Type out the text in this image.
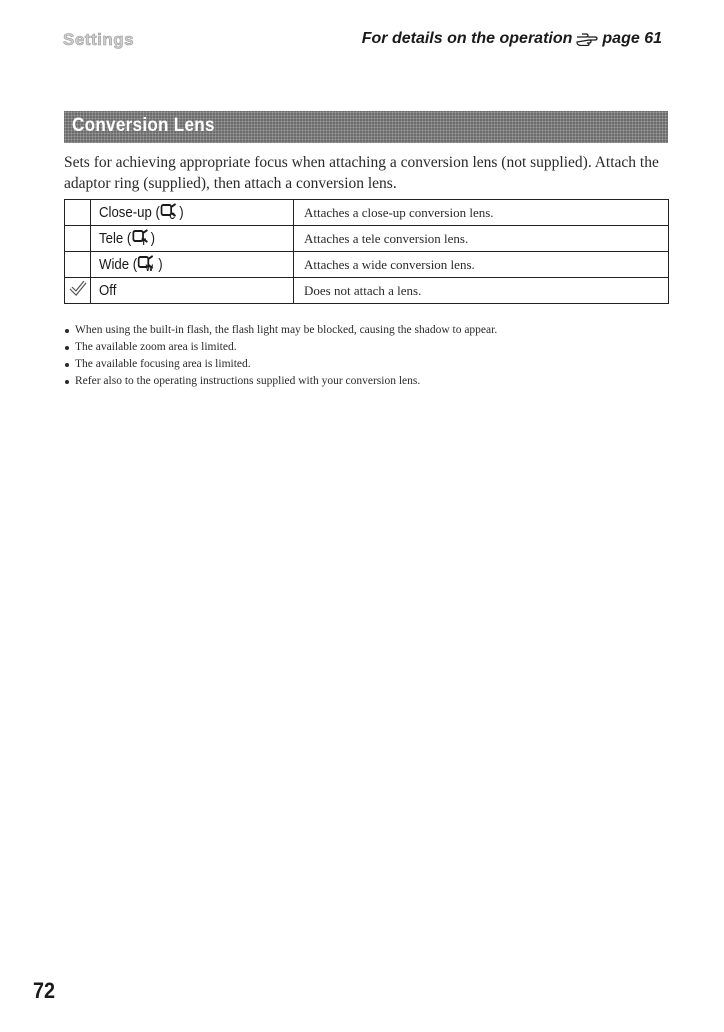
Settings	For details on the operation page 61
Conversion Lens
Sets for achieving appropriate focus when attaching a conversion lens (not supplied). Attach the adaptor ring (supplied), then attach a conversion lens.
	Close-up ( C )	Attaches a close-up conversion lens.
	Tele ( T )	Attaches a tele conversion lens.
	Wide ( W )	Attaches a wide conversion lens.
	Off	Does not attach a lens.
When using the built-in flash, the flash light may be blocked, causing the shadow to appear.
The available zoom area is limited.
The available focusing area is limited.
Refer also to the operating instructions supplied with your conversion lens.
72
